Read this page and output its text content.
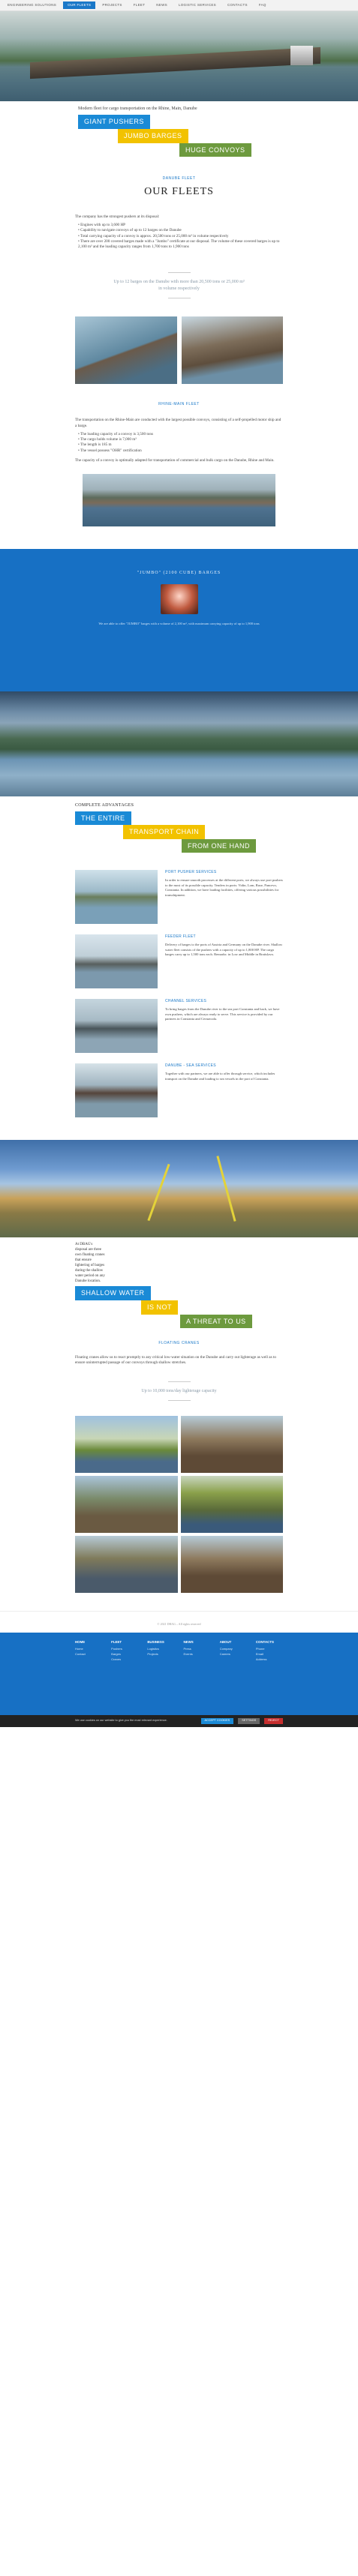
ENGINEERING SOLUTIONS	OUR FLEETS	PROJECTS	FLEET	NEWS	LOGISTIC SERVICES	CONTACTS	FAQ
Modern fleet for cargo transportation on the Rhine, Main, Danube
GIANT PUSHERS
JUMBO BARGES
HUGE CONVOYS
DANUBE FLEET
OUR FLEETS

The company has the strongest pushers at its disposal:

• Engines with up to 3,600 HP
• Capability to navigate convoys of up to 12 barges on the Danube
• Total carrying capacity of a convoy is approx. 20,500 tons or 25,000 m³ in volume respectively
• There are over 200 covered barges made with a "Jumbo" certificate at our disposal. The volume of these covered barges is up to 2,100 m³ and the loading capacity ranges from 1,700 tons to 1,900 tons
Up to 12 barges on the Danube with more than 20,500 tons or 25,000 m³ in volume respectively
RHINE-MAIN FLEET

The transportation on the Rhine-Main are conducted with the largest possible convoys, consisting of a self-propelled motor ship and a barge.

• The loading capacity of a convoy is 3,500 tons
• The cargo holds volume is 7,000 m³
• The length is 185 m
• The vessel possess "OHR" certification

The capacity of a convoy is optimally adapted for transportation of commercial and bulk cargo on the Danube, Rhine and Main.

"JUMBO" (2100 CUBE) BARGES
We are able to offer "JUMBO" barges with a volume of 2,100 m³, with maximum carrying capacity of up to 1,900 tons
COMPLETE ADVANTAGES
THE ENTIRE
TRANSPORT CHAIN
FROM ONE HAND
PORT PUSHER SERVICES

In order to ensure smooth processes at the different ports, we always use port pushers to the most of its possible capacity. Tenders in ports: Vidin, Lom, Ruse, Pancevo, Constanta. In addition, we have loading facilities, offering various possibilities for transshipment.

FEEDER FLEET

Delivery of barges to the ports of Austria and Germany on the Danube river. Shallow water fleet consists of the pushers with a capacity of up to 1,800 HP. The cargo barges carry up to 1,500 tons each. Remarks: in Low and Middle in Bratislava.

CHANNEL SERVICES

To bring barges from the Danube river to the sea port Constanta and back, we have own pushers, which are always ready to serve. This service is provided by our partners in Constanta and Cernavoda.

DANUBE - SEA SERVICES

Together with our partners, we are able to offer through service, which includes transport on the Danube and loading to sea vessels in the port of Constanta.

At DBAG's disposal are three own floating cranes that ensure lightering of barges during the shallow water period on any Danube location.
SHALLOW WATER
IS NOT
A THREAT TO US
FLOATING CRANES
Floating cranes allow us to react promptly to any critical low-water situation on the Danube and carry out lighterage as well as to ensure uninterrupted passage of our convoys through shallow stretches.
Up to 10,000 tons/day lighterage capacity
© 2021 DBAG – All rights reserved
HOME
Home
Contact
FLEET
Pushers
Barges
Cranes
BUSINESS
Logistics
Projects
NEWS
Press
Events
ABOUT
Company
Careers
CONTACTS
Phone
Email
Address
We use cookies on our website to give you the most relevant experience.	ACCEPT COOKIES	SETTINGS	REJECT
